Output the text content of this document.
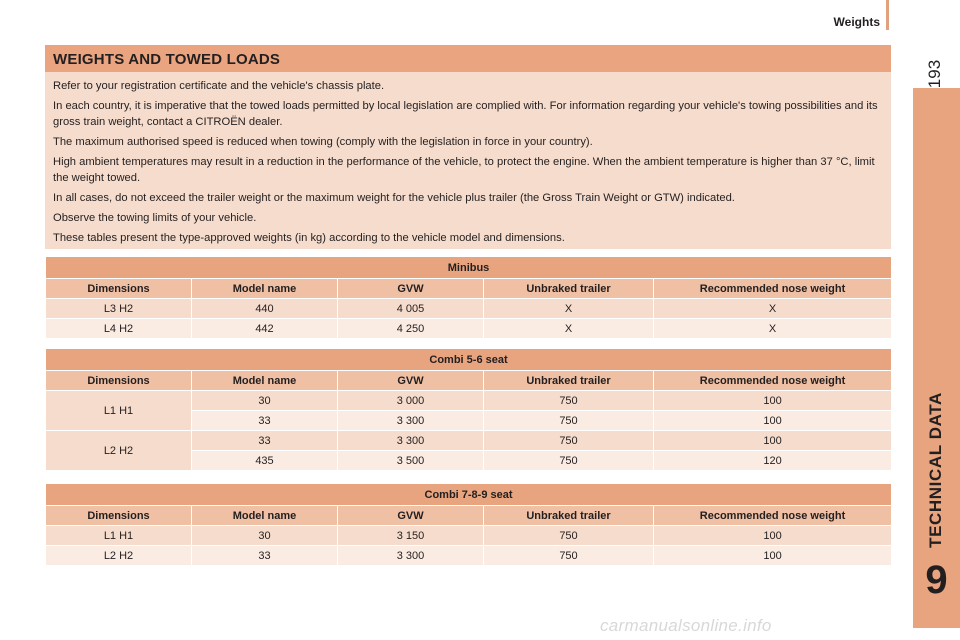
Weights
193
TECHNICAL DATA
9
WEIGHTS AND TOWED LOADS

Refer to your registration certificate and the vehicle's chassis plate.

In each country, it is imperative that the towed loads permitted by local legislation are complied with. For information regarding your vehicle's towing possibilities and its gross train weight, contact a CITROËN dealer.

The maximum authorised speed is reduced when towing (comply with the legislation in force in your country).

High ambient temperatures may result in a reduction in the performance of the vehicle, to protect the engine. When the ambient temperature is higher than 37 °C, limit the weight towed.

In all cases, do not exceed the trailer weight or the maximum weight for the vehicle plus trailer (the Gross Train Weight or GTW) indicated.

Observe the towing limits of your vehicle.

These tables present the type-approved weights (in kg) according to the vehicle model and dimensions.

Minibus				
Dimensions	Model name	GVW	Unbraked trailer	Recommended nose weight
L3 H2	440	4 005	X	X
L4 H2	442	4 250	X	X
Combi 5-6 seat				
Dimensions	Model name	GVW	Unbraked trailer	Recommended nose weight
L1 H1	30	3 000	750	100
	33	3 300	750	100
L2 H2	33	3 300	750	100
	435	3 500	750	120
Combi 7-8-9 seat				
Dimensions	Model name	GVW	Unbraked trailer	Recommended nose weight
L1 H1	30	3 150	750	100
L2 H2	33	3 300	750	100
carmanualsonline.info
